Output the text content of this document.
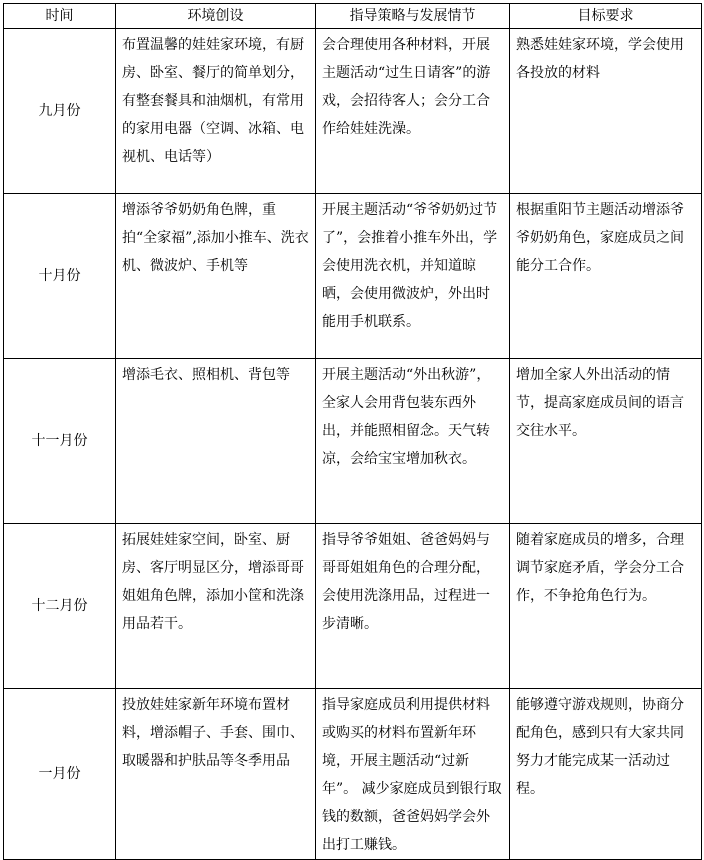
时间	环境创设	指导策略与发展情节	目标要求
九月份	布置温馨的娃娃家环境，有厨房、卧室、餐厅的简单划分，有整套餐具和油烟机，有常用的家用电器（空调、冰箱、电视机、电话等）	会合理使用各种材料，开展主题活动“过生日请客”的游戏，会招待客人；会分工合作给娃娃洗澡。	熟悉娃娃家环境，学会使用各投放的材料
十月份	增添爷爷奶奶角色牌，重拍“全家福”,添加小推车、洗衣机、微波炉、手机等	开展主题活动“爷爷奶奶过节了”，会推着小推车外出，学会使用洗衣机，并知道晾晒，会使用微波炉，外出时能用手机联系。	根据重阳节主题活动增添爷爷奶奶角色，家庭成员之间能分工合作。
十一月份	增添毛衣、照相机、背包等	开展主题活动“外出秋游”，全家人会用背包装东西外出，并能照相留念。天气转凉，会给宝宝增加秋衣。	增加全家人外出活动的情节，提高家庭成员间的语言交往水平。
十二月份	拓展娃娃家空间，卧室、厨房、客厅明显区分，增添哥哥姐姐角色牌，添加小筐和洗涤用品若干。	指导爷爷姐姐、爸爸妈妈与哥哥姐姐角色的合理分配，会使用洗涤用品，过程进一步清晰。	随着家庭成员的增多，合理调节家庭矛盾，学会分工合作，不争抢角色行为。
一月份	投放娃娃家新年环境布置材料，增添帽子、手套、围巾、取暖器和护肤品等冬季用品	指导家庭成员利用提供材料或购买的材料布置新年环境，开展主题活动“过新年”。 减少家庭成员到银行取钱的数额，爸爸妈妈学会外出打工赚钱。	能够遵守游戏规则，协商分配角色，感到只有大家共同努力才能完成某一活动过程。
